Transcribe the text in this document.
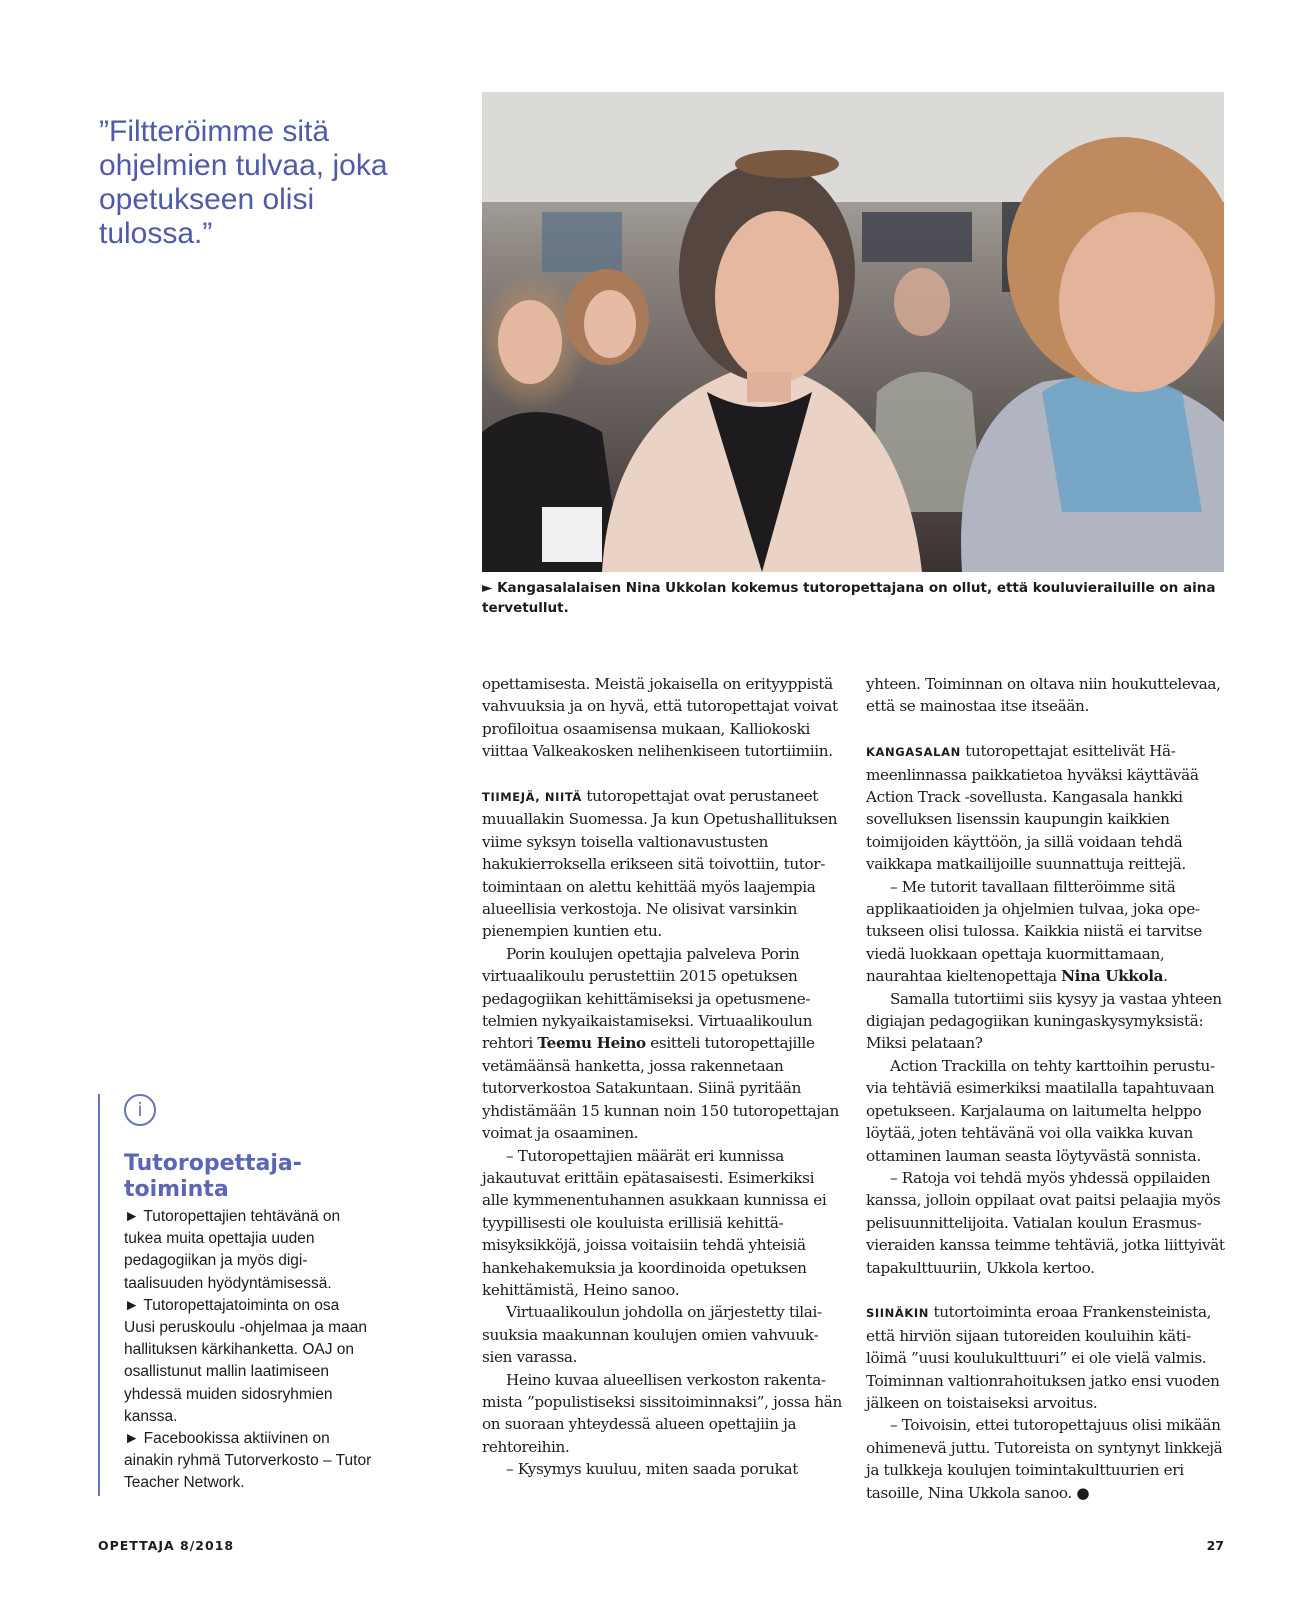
”Filtteröimme sitä ohjelmien tulvaa, joka opetukseen olisi tulossa.”

► Kangasalalaisen Nina Ukkolan kokemus tutoropettajana on ollut, että kouluvierailuille on aina tervetullut.

opettamisesta. Meistä jokaisella on erityyppistä vahvuuksia ja on hyvä, että tutoropettajat voivat profiloitua osaamisensa mukaan, Kalliokoski viittaa Valkeakosken nelihenkiseen tutortiimiin.

TIIMEJÄ, NIITÄ tutoropettajat ovat perustaneet muuallakin Suomessa. Ja kun Opetushallituksen viime syksyn toisella valtionavustusten hakukierroksella erikseen sitä toivottiin, tutortoimintaan on alettu kehittää myös laajempia alueellisia verkostoja. Ne olisivat varsinkin pienempien kuntien etu.

Porin koulujen opettajia palveleva Porin virtuaalikoulu perustettiin 2015 opetuksen pedagogiikan kehittämiseksi ja opetusmenetelmien nykyaikaistamiseksi. Virtuaalikoulun rehtori Teemu Heino esitteli tutoropettajille vetämäänsä hanketta, jossa rakennetaan tutorverkostoa Satakuntaan. Siinä pyritään yhdistämään 15 kunnan noin 150 tutoropettajan voimat ja osaaminen.

– Tutoropettajien määrät eri kunnissa jakautuvat erittäin epätasaisesti. Esimerkiksi alle kymmenentuhannen asukkaan kunnissa ei tyypillisesti ole kouluista erillisiä kehittämisyksikköjä, joissa voitaisiin tehdä yhteisiä hankehakemuksia ja koordinoida opetuksen kehittämistä, Heino sanoo.

Virtuaalikoulun johdolla on järjestetty tilaisuuksia maakunnan koulujen omien vahvuuksien varassa.

Heino kuvaa alueellisen verkoston rakentamista ”populistiseksi sissitoiminnaksi”, jossa hän on suoraan yhteydessä alueen opettajiin ja rehtoreihin.

– Kysymys kuuluu, miten saada porukat

yhteen. Toiminnan on oltava niin houkuttelevaa, että se mainostaa itse itseään.

KANGASALAN tutoropettajat esittelivät Hämeenlinnassa paikkatietoa hyväksi käyttävää Action Track -sovellusta. Kangasala hankki sovelluksen lisenssin kaupungin kaikkien toimijoiden käyttöön, ja sillä voidaan tehdä vaikkapa matkailijoille suunnattuja reittejä.

– Me tutorit tavallaan filtteröimme sitä applikaatioiden ja ohjelmien tulvaa, joka opetukseen olisi tulossa. Kaikkia niistä ei tarvitse viedä luokkaan opettaja kuormittamaan, naurahtaa kieltenopettaja Nina Ukkola.

Samalla tutortiimi siis kysyy ja vastaa yhteen digiajan pedagogiikan kuningaskysymyksistä: Miksi pelataan?

Action Trackilla on tehty karttoihin perustuvia tehtäviä esimerkiksi maatilalla tapahtuvaan opetukseen. Karjalauma on laitumelta helppo löytää, joten tehtävänä voi olla vaikka kuvan ottaminen lauman seasta löytyvästä sonnista.

– Ratoja voi tehdä myös yhdessä oppilaiden kanssa, jolloin oppilaat ovat paitsi pelaajia myös pelisuunnittelijoita. Vatialan koulun Erasmus-vieraiden kanssa teimme tehtäviä, jotka liittyivät tapakulttuuriin, Ukkola kertoo.

SIINÄKIN tutortoiminta eroaa Frankensteinista, että hirviön sijaan tutoreiden kouluihin kätilöimä ”uusi koulukulttuuri” ei ole vielä valmis. Toiminnan valtionrahoituksen jatko ensi vuoden jälkeen on toistaiseksi arvoitus.

– Toivoisin, ettei tutoropettajuus olisi mikään ohimenevä juttu. Tutoreista on syntynyt linkkejä ja tulkkeja koulujen toimintakulttuurien eri tasoille, Nina Ukkola sanoo. ●

i
Tutoropettajatoiminta

► Tutoropettajien tehtävänä on tukea muita opettajia uuden pedagogiikan ja myös digitaalisuuden hyödyntämisessä.

► Tutoropettajatoiminta on osa Uusi peruskoulu -ohjelmaa ja maan hallituksen kärkihanketta. OAJ on osallistunut mallin laatimiseen yhdessä muiden sidosryhmien kanssa.

► Facebookissa aktiivinen on ainakin ryhmä Tutorverkosto – Tutor Teacher Network.

OPETTAJA 8/2018	27
